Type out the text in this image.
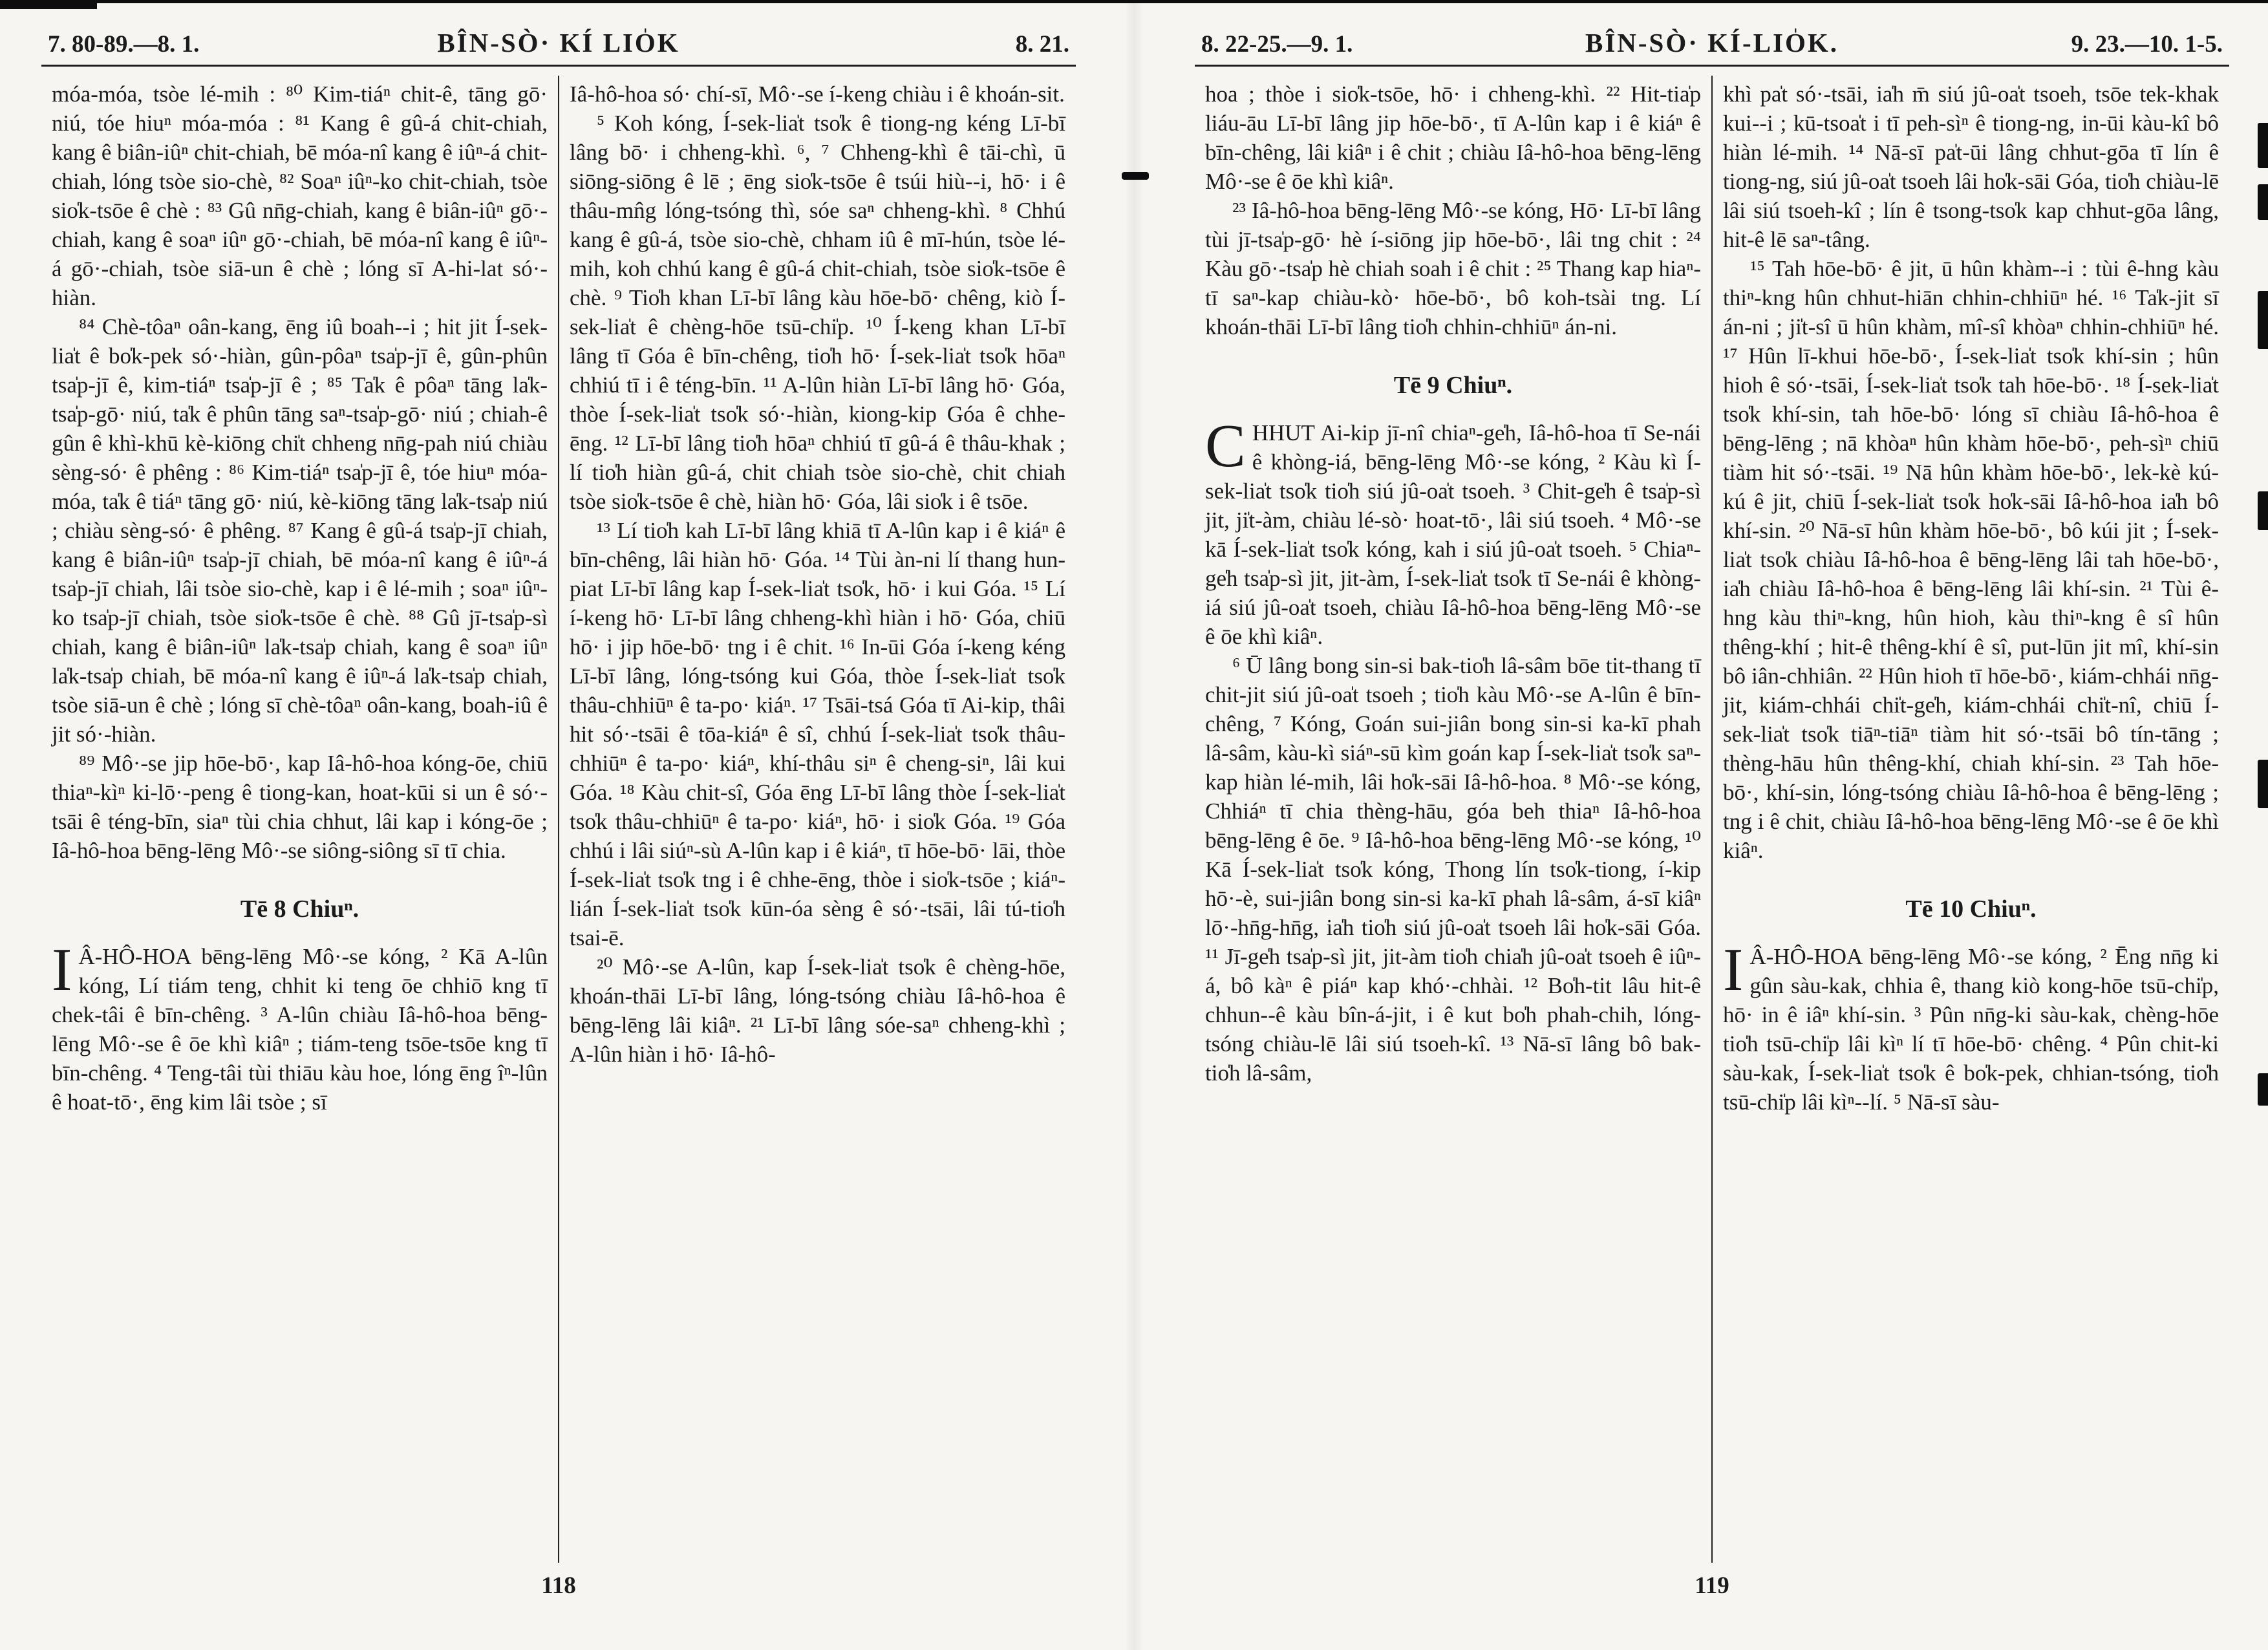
7. 80-89.—8. 1.	BÎN-SÒ· KÍ LIO̍K	8. 21.
móa-móa, tsòe lé-mih : ⁸⁰ Kim-tiáⁿ chit-ê, tāng gō· niú, tóe hiuⁿ móa-móa : ⁸¹ Kang ê gû-á chit-chiah, kang ê biân-iûⁿ chit-chiah, bē móa-nî kang ê iûⁿ-á chit-chiah, lóng tsòe sio-chè, ⁸² Soaⁿ iûⁿ-ko chit-chiah, tsòe sio̍k-tsōe ê chè : ⁸³ Gû nn̄g-chiah, kang ê biân-iûⁿ gō·-chiah, kang ê soaⁿ iûⁿ gō·-chiah, bē móa-nî kang ê iûⁿ-á gō·-chiah, tsòe siā-un ê chè ; lóng sī A-hi-lat só·-hiàn.
⁸⁴ Chè-tôaⁿ oân-kang, ēng iû boah--i ; hit jit Í-sek-lia̍t ê bo̍k-pek só·-hiàn, gûn-pôaⁿ tsa̍p-jī ê, gûn-phûn tsa̍p-jī ê, kim-tiáⁿ tsa̍p-jī ê ; ⁸⁵ Ta̍k ê pôaⁿ tāng la̍k-tsa̍p-gō· niú, ta̍k ê phûn tāng saⁿ-tsa̍p-gō· niú ; chiah-ê gûn ê khì-khū kè-kiōng chi̍t chheng nn̄g-pah niú chiàu sèng-só· ê phêng : ⁸⁶ Kim-tiáⁿ tsa̍p-jī ê, tóe hiuⁿ móa-móa, ta̍k ê tiáⁿ tāng gō· niú, kè-kiōng tāng la̍k-tsa̍p niú ; chiàu sèng-só· ê phêng. ⁸⁷ Kang ê gû-á tsa̍p-jī chiah, kang ê biân-iûⁿ tsa̍p-jī chiah, bē móa-nî kang ê iûⁿ-á tsa̍p-jī chiah, lâi tsòe sio-chè, kap i ê lé-mih ; soaⁿ iûⁿ-ko tsa̍p-jī chiah, tsòe sio̍k-tsōe ê chè. ⁸⁸ Gû jī-tsa̍p-sì chiah, kang ê biân-iûⁿ la̍k-tsa̍p chiah, kang ê soaⁿ iûⁿ la̍k-tsa̍p chiah, bē móa-nî kang ê iûⁿ-á la̍k-tsa̍p chiah, tsòe siā-un ê chè ; lóng sī chè-tôaⁿ oân-kang, boah-iû ê jit só·-hiàn.
⁸⁹ Mô·-se jip hōe-bō·, kap Iâ-hô-hoa kóng-ōe, chiū thiaⁿ-kìⁿ ki-lō·-peng ê tiong-kan, hoat-kūi si un ê só·-tsāi ê téng-bīn, siaⁿ tùi chia chhut, lâi kap i kóng-ōe ; Iâ-hô-hoa bēng-lēng Mô·-se siông-siông sī tī chia.
Tē 8 Chiuⁿ.
I Â-HÔ-HOA bēng-lēng Mô·-se kóng, ² Kā A-lûn kóng, Lí tiám teng, chhit ki teng ōe chhiō kng tī chek-tâi ê bīn-chêng. ³ A-lûn chiàu Iâ-hô-hoa bēng-lēng Mô·-se ê ōe khì kiâⁿ ; tiám-teng tsōe-tsōe kng tī bīn-chêng. ⁴ Teng-tâi tùi thiāu kàu hoe, lóng ēng îⁿ-lûn ê hoat-tō·, ēng kim lâi tsòe ; sī
Iâ-hô-hoa só· chí-sī, Mô·-se í-keng chiàu i ê khoán-sit.
⁵ Koh kóng, Í-sek-lia̍t tso̍k ê tiong-ng kéng Lī-bī lâng bō· i chheng-khì. ⁶, ⁷ Chheng-khì ê tāi-chì, ū siōng-siōng ê lē ; ēng sio̍k-tsōe ê tsúi hiù--i, hō· i ê thâu-mn̂g lóng-tsóng thì, sóe saⁿ chheng-khì. ⁸ Chhú kang ê gû-á, tsòe sio-chè, chham iû ê mī-hún, tsòe lé-mih, koh chhú kang ê gû-á chit-chiah, tsòe sio̍k-tsōe ê chè. ⁹ Tio̍h khan Lī-bī lâng kàu hōe-bō· chêng, kiò Í-sek-lia̍t ê chèng-hōe tsū-chi̍p. ¹⁰ Í-keng khan Lī-bī lâng tī Góa ê bīn-chêng, tio̍h hō· Í-sek-lia̍t tso̍k hōaⁿ chhiú tī i ê téng-bīn. ¹¹ A-lûn hiàn Lī-bī lâng hō· Góa, thòe Í-sek-lia̍t tso̍k só·-hiàn, kiong-kip Góa ê chhe-ēng. ¹² Lī-bī lâng tio̍h hōaⁿ chhiú tī gû-á ê thâu-khak ; lí tio̍h hiàn gû-á, chit chiah tsòe sio-chè, chit chiah tsòe sio̍k-tsōe ê chè, hiàn hō· Góa, lâi sio̍k i ê tsōe.
¹³ Lí tio̍h kah Lī-bī lâng khiā tī A-lûn kap i ê kiáⁿ ê bīn-chêng, lâi hiàn hō· Góa. ¹⁴ Tùi àn-ni lí thang hun-piat Lī-bī lâng kap Í-sek-lia̍t tso̍k, hō· i kui Góa. ¹⁵ Lí í-keng hō· Lī-bī lâng chheng-khì hiàn i hō· Góa, chiū hō· i jip hōe-bō· tng i ê chit. ¹⁶ In-ūi Góa í-keng kéng Lī-bī lâng, lóng-tsóng kui Góa, thòe Í-sek-lia̍t tso̍k thâu-chhiūⁿ ê ta-po· kiáⁿ. ¹⁷ Tsāi-tsá Góa tī Ai-kip, thâi hit só·-tsāi ê tōa-kiáⁿ ê sî, chhú Í-sek-lia̍t tso̍k thâu-chhiūⁿ ê ta-po· kiáⁿ, khí-thâu siⁿ ê cheng-siⁿ, lâi kui Góa. ¹⁸ Kàu chit-sî, Góa ēng Lī-bī lâng thòe Í-sek-lia̍t tso̍k thâu-chhiūⁿ ê ta-po· kiáⁿ, hō· i sio̍k Góa. ¹⁹ Góa chhú i lâi siúⁿ-sù A-lûn kap i ê kiáⁿ, tī hōe-bō· lāi, thòe Í-sek-lia̍t tso̍k tng i ê chhe-ēng, thòe i sio̍k-tsōe ; kiáⁿ-lián Í-sek-lia̍t tso̍k kūn-óa sèng ê só·-tsāi, lâi tú-tio̍h tsai-ē.
²⁰ Mô·-se A-lûn, kap Í-sek-lia̍t tso̍k ê chèng-hōe, khoán-thāi Lī-bī lâng, lóng-tsóng chiàu Iâ-hô-hoa ê bēng-lēng lâi kiâⁿ. ²¹ Lī-bī lâng sóe-saⁿ chheng-khì ; A-lûn hiàn i hō· Iâ-hô-
118
8. 22-25.—9. 1.	BÎN-SÒ· KÍ-LIO̍K.	9. 23.—10. 1-5.
hoa ; thòe i sio̍k-tsōe, hō· i chheng-khì. ²² Hit-tia̍p liáu-āu Lī-bī lâng jip hōe-bō·, tī A-lûn kap i ê kiáⁿ ê bīn-chêng, lâi kiâⁿ i ê chit ; chiàu Iâ-hô-hoa bēng-lēng Mô·-se ê ōe khì kiâⁿ.
²³ Iâ-hô-hoa bēng-lēng Mô·-se kóng, Hō· Lī-bī lâng tùi jī-tsa̍p-gō· hè í-siōng jip hōe-bō·, lâi tng chit : ²⁴ Kàu gō·-tsa̍p hè chiah soah i ê chit : ²⁵ Thang kap hiaⁿ-tī saⁿ-kap chiàu-kò· hōe-bō·, bô koh-tsài tng. Lí khoán-thāi Lī-bī lâng tio̍h chhin-chhiūⁿ án-ni.
Tē 9 Chiuⁿ.
CHHUT Ai-kip jī-nî chiaⁿ-ge̍h, Iâ-hô-hoa tī Se-nái ê khòng-iá, bēng-lēng Mô·-se kóng, ² Kàu kì Í-sek-lia̍t tso̍k tio̍h siú jû-oa̍t tsoeh. ³ Chit-ge̍h ê tsa̍p-sì jit, ji̍t-àm, chiàu lé-sò· hoat-tō·, lâi siú tsoeh. ⁴ Mô·-se kā Í-sek-lia̍t tso̍k kóng, kah i siú jû-oa̍t tsoeh. ⁵ Chiaⁿ-ge̍h tsa̍p-sì jit, jit-àm, Í-sek-lia̍t tso̍k tī Se-nái ê khòng-iá siú jû-oa̍t tsoeh, chiàu Iâ-hô-hoa bēng-lēng Mô·-se ê ōe khì kiâⁿ.
⁶ Ū lâng bong sin-si bak-tio̍h lâ-sâm bōe tit-thang tī chit-jit siú jû-oa̍t tsoeh ; tio̍h kàu Mô·-se A-lûn ê bīn-chêng, ⁷ Kóng, Goán sui-jiân bong sin-si ka-kī phah lâ-sâm, kàu-kì siáⁿ-sū kìm goán kap Í-sek-lia̍t tso̍k saⁿ-kap hiàn lé-mih, lâi ho̍k-sāi Iâ-hô-hoa. ⁸ Mô·-se kóng, Chhiáⁿ tī chia thèng-hāu, góa beh thiaⁿ Iâ-hô-hoa bēng-lēng ê ōe. ⁹ Iâ-hô-hoa bēng-lēng Mô·-se kóng, ¹⁰ Kā Í-sek-lia̍t tso̍k kóng, Thong lín tso̍k-tiong, í-kip hō·-è, sui-jiân bong sin-si ka-kī phah lâ-sâm, á-sī kiâⁿ lō·-hn̄g-hn̄g, ia̍h tio̍h siú jû-oa̍t tsoeh lâi ho̍k-sāi Góa. ¹¹ Jī-ge̍h tsa̍p-sì jit, jit-àm tio̍h chia̍h jû-oa̍t tsoeh ê iûⁿ-á, bô kàⁿ ê piáⁿ kap khó·-chhài. ¹² Bo̍h-tit lâu hit-ê chhun--ê kàu bîn-á-jit, i ê kut bo̍h phah-chih, lóng-tsóng chiàu-lē lâi siú tsoeh-kî. ¹³ Nā-sī lâng bô bak-tio̍h lâ-sâm,
khì pa̍t só·-tsāi, ia̍h m̄ siú jû-oa̍t tsoeh, tsōe tek-khak kui--i ; kū-tsoa̍t i tī peh-sìⁿ ê tiong-ng, in-ūi kàu-kî bô hiàn lé-mih. ¹⁴ Nā-sī pa̍t-ūi lâng chhut-gōa tī lín ê tiong-ng, siú jû-oa̍t tsoeh lâi ho̍k-sāi Góa, tio̍h chiàu-lē lâi siú tsoeh-kî ; lín ê tsong-tso̍k kap chhut-gōa lâng, hit-ê lē saⁿ-tâng.
¹⁵ Tah hōe-bō· ê jit, ū hûn khàm--i : tùi ê-hng kàu thiⁿ-kng hûn chhut-hiān chhin-chhiūⁿ hé. ¹⁶ Ta̍k-jit sī án-ni ; ji̍t-sî ū hûn khàm, mî-sî khòaⁿ chhin-chhiūⁿ hé. ¹⁷ Hûn lī-khui hōe-bō·, Í-sek-lia̍t tso̍k khí-sin ; hûn hioh ê só·-tsāi, Í-sek-lia̍t tso̍k tah hōe-bō·. ¹⁸ Í-sek-lia̍t tso̍k khí-sin, tah hōe-bō· lóng sī chiàu Iâ-hô-hoa ê bēng-lēng ; nā khòaⁿ hûn khàm hōe-bō·, peh-sìⁿ chiū tiàm hit só·-tsāi. ¹⁹ Nā hûn khàm hōe-bō·, lek-kè kú-kú ê jit, chiū Í-sek-lia̍t tso̍k ho̍k-sāi Iâ-hô-hoa ia̍h bô khí-sin. ²⁰ Nā-sī hûn khàm hōe-bō·, bô kúi jit ; Í-sek-lia̍t tso̍k chiàu Iâ-hô-hoa ê bēng-lēng lâi tah hōe-bō·, ia̍h chiàu Iâ-hô-hoa ê bēng-lēng lâi khí-sin. ²¹ Tùi ê-hng kàu thiⁿ-kng, hûn hioh, kàu thiⁿ-kng ê sî hûn thêng-khí ; hit-ê thêng-khí ê sî, put-lūn jit mî, khí-sin bô iân-chhiân. ²² Hûn hioh tī hōe-bō·, kiám-chhái nn̄g-jit, kiám-chhái chi̍t-ge̍h, kiám-chhái chi̍t-nî, chiū Í-sek-lia̍t tso̍k tiāⁿ-tiāⁿ tiàm hit só·-tsāi bô tín-tāng ; thèng-hāu hûn thêng-khí, chiah khí-sin. ²³ Tah hōe-bō·, khí-sin, lóng-tsóng chiàu Iâ-hô-hoa ê bēng-lēng ; tng i ê chit, chiàu Iâ-hô-hoa bēng-lēng Mô·-se ê ōe khì kiâⁿ.
Tē 10 Chiuⁿ.
I Â-HÔ-HOA bēng-lēng Mô·-se kóng, ² Ēng nn̄g ki gûn sàu-kak, chhia ê, thang kiò kong-hōe tsū-chi̍p, hō· in ê iâⁿ khí-sin. ³ Pûn nn̄g-ki sàu-kak, chèng-hōe tio̍h tsū-chi̍p lâi kìⁿ lí tī hōe-bō· chêng. ⁴ Pûn chit-ki sàu-kak, Í-sek-lia̍t tso̍k ê bo̍k-pek, chhian-tsóng, tio̍h tsū-chi̍p lâi kìⁿ--lí. ⁵ Nā-sī sàu-
119
